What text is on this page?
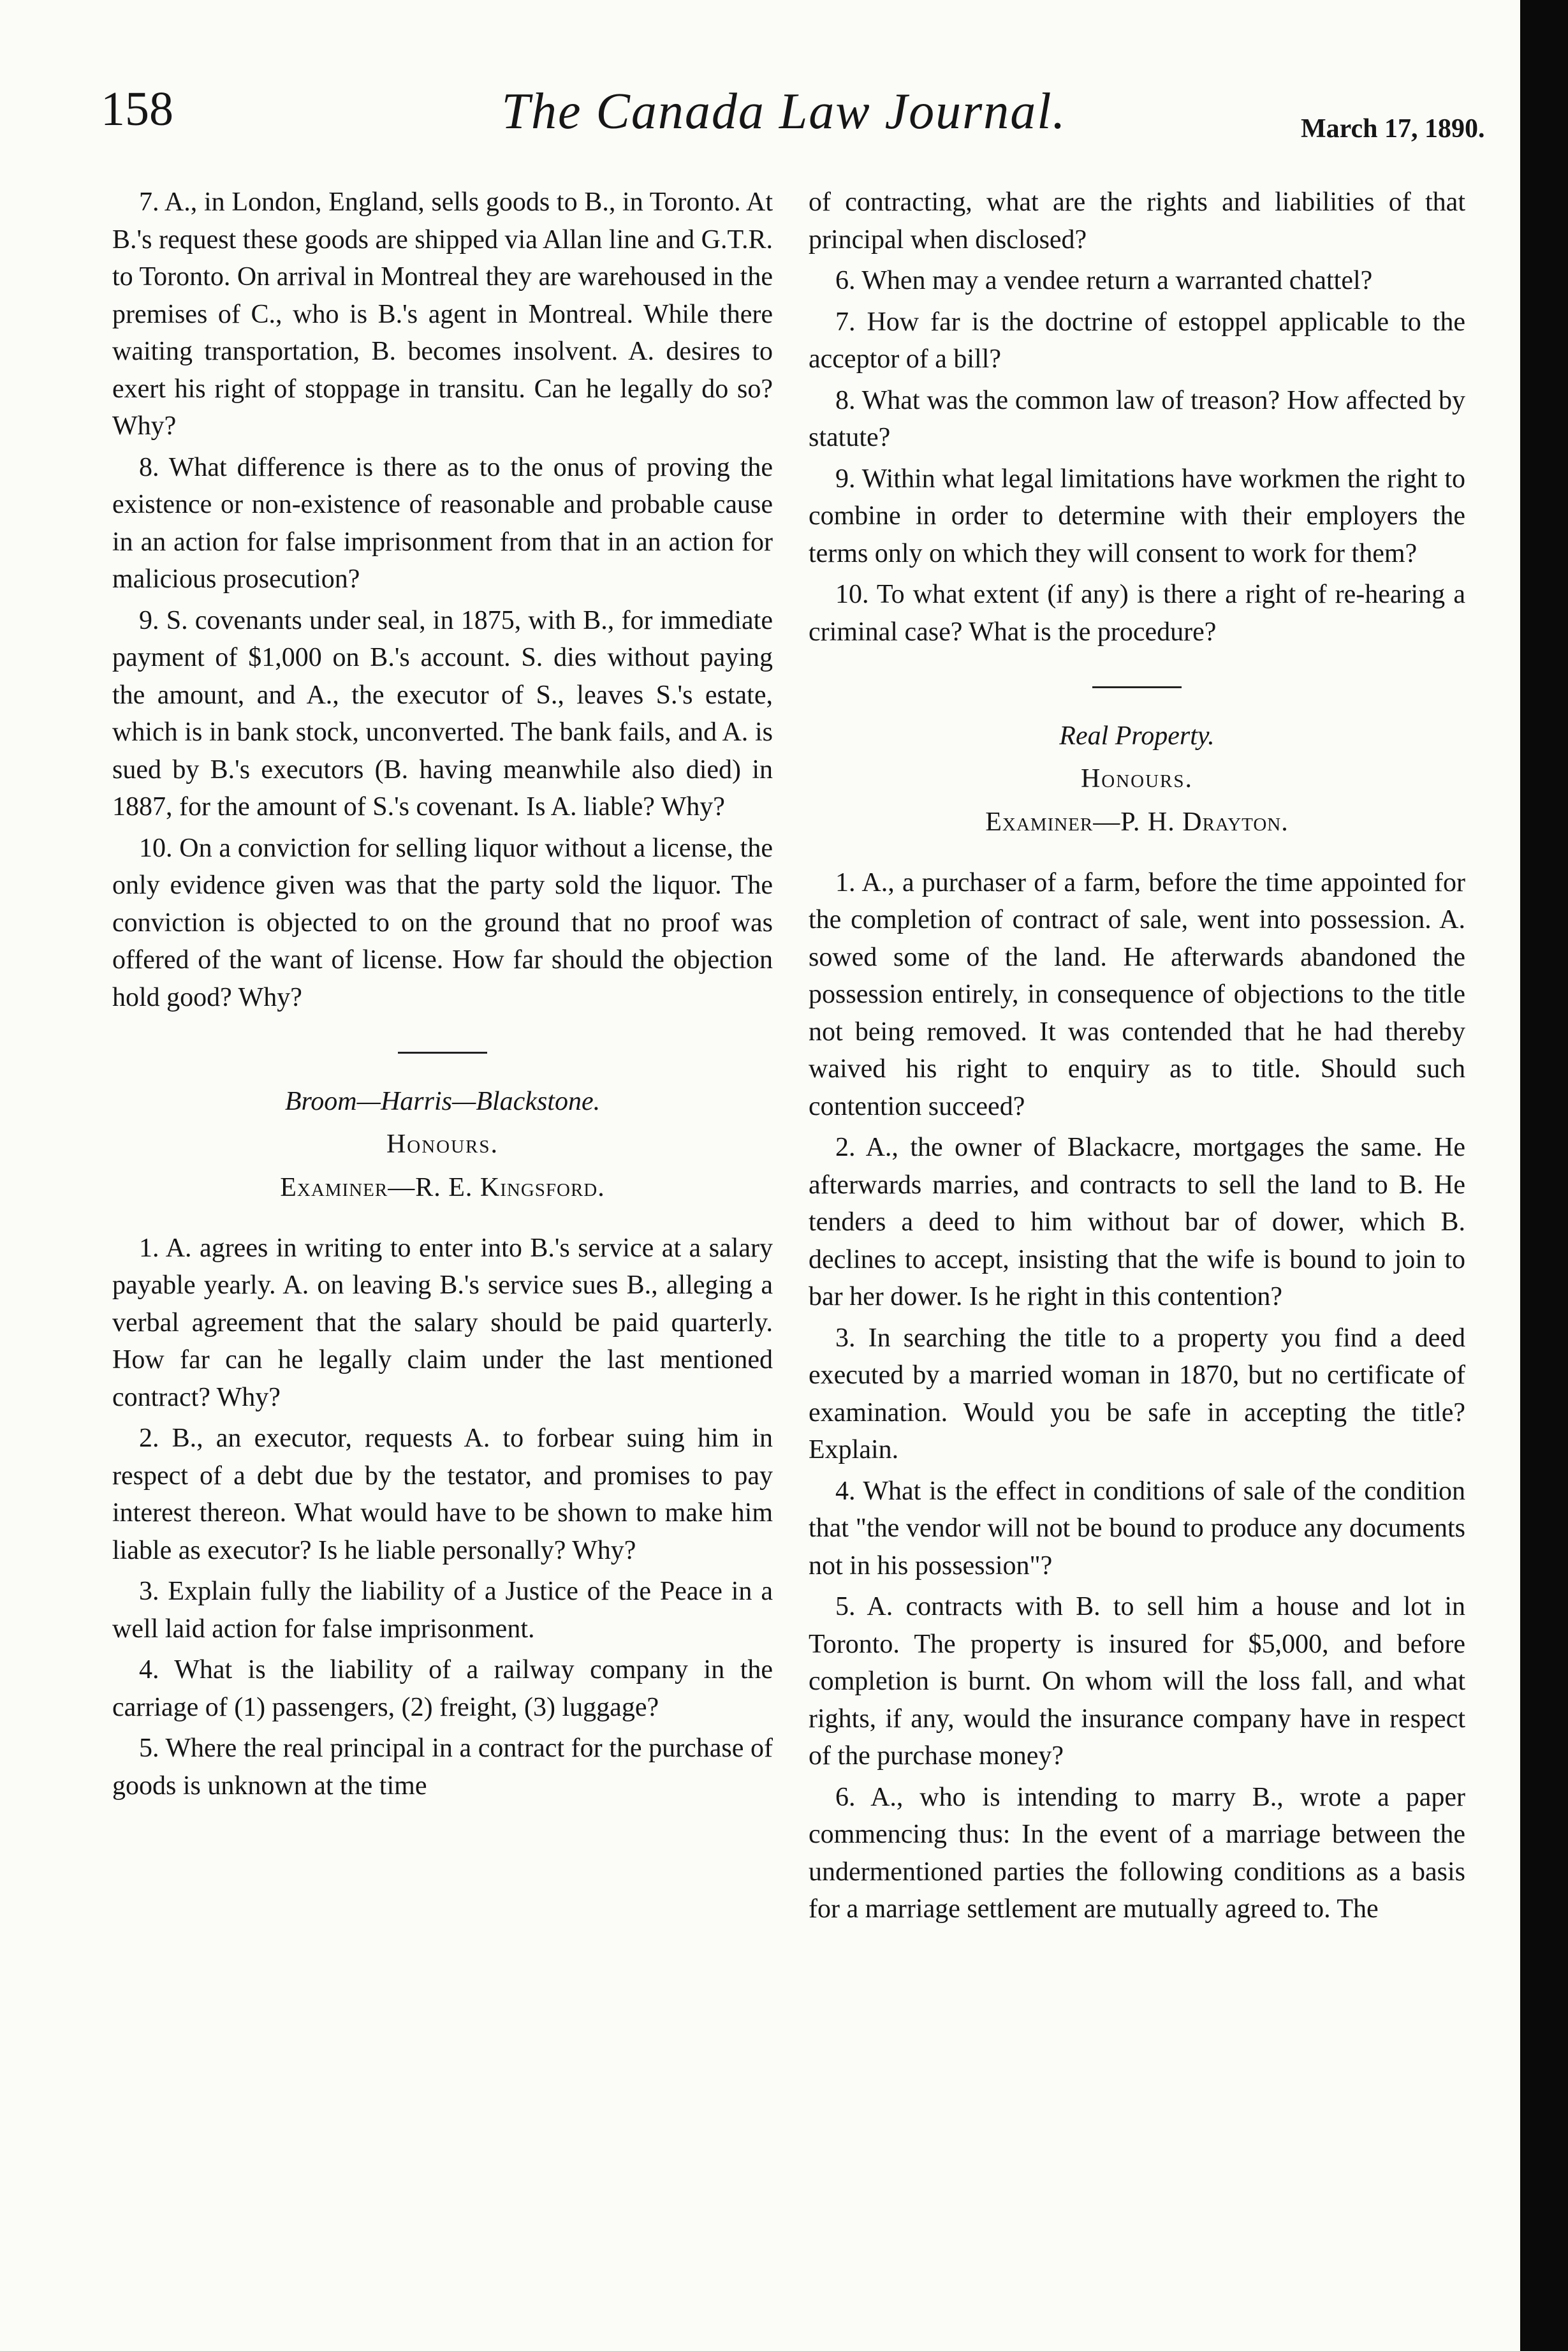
158	The Canada Law Journal.	March 17, 1890.

7. A., in London, England, sells goods to B., in Toronto. At B.'s request these goods are shipped via Allan line and G.T.R. to Toronto. On arrival in Montreal they are warehoused in the premises of C., who is B.'s agent in Montreal. While there waiting transportation, B. becomes insolvent. A. desires to exert his right of stoppage in transitu. Can he legally do so? Why?

8. What difference is there as to the onus of proving the existence or non-existence of reasonable and probable cause in an action for false imprisonment from that in an action for malicious prosecution?

9. S. covenants under seal, in 1875, with B., for immediate payment of $1,000 on B.'s account. S. dies without paying the amount, and A., the executor of S., leaves S.'s estate, which is in bank stock, unconverted. The bank fails, and A. is sued by B.'s executors (B. having meanwhile also died) in 1887, for the amount of S.'s covenant. Is A. liable? Why?

10. On a conviction for selling liquor without a license, the only evidence given was that the party sold the liquor. The conviction is objected to on the ground that no proof was offered of the want of license. How far should the objection hold good? Why?

Broom—Harris—Blackstone.

Honours.

Examiner—R. E. Kingsford.

1. A. agrees in writing to enter into B.'s service at a salary payable yearly. A. on leaving B.'s service sues B., alleging a verbal agreement that the salary should be paid quarterly. How far can he legally claim under the last mentioned contract? Why?

2. B., an executor, requests A. to forbear suing him in respect of a debt due by the testator, and promises to pay interest thereon. What would have to be shown to make him liable as executor? Is he liable personally? Why?

3. Explain fully the liability of a Justice of the Peace in a well laid action for false imprisonment.

4. What is the liability of a railway company in the carriage of (1) passengers, (2) freight, (3) luggage?

5. Where the real principal in a contract for the purchase of goods is unknown at the time

of contracting, what are the rights and liabilities of that principal when disclosed?

6. When may a vendee return a warranted chattel?

7. How far is the doctrine of estoppel applicable to the acceptor of a bill?

8. What was the common law of treason? How affected by statute?

9. Within what legal limitations have workmen the right to combine in order to determine with their employers the terms only on which they will consent to work for them?

10. To what extent (if any) is there a right of re-hearing a criminal case? What is the procedure?

Real Property.

Honours.

Examiner—P. H. Drayton.

1. A., a purchaser of a farm, before the time appointed for the completion of contract of sale, went into possession. A. sowed some of the land. He afterwards abandoned the possession entirely, in consequence of objections to the title not being removed. It was contended that he had thereby waived his right to enquiry as to title. Should such contention succeed?

2. A., the owner of Blackacre, mortgages the same. He afterwards marries, and contracts to sell the land to B. He tenders a deed to him without bar of dower, which B. declines to accept, insisting that the wife is bound to join to bar her dower. Is he right in this contention?

3. In searching the title to a property you find a deed executed by a married woman in 1870, but no certificate of examination. Would you be safe in accepting the title? Explain.

4. What is the effect in conditions of sale of the condition that "the vendor will not be bound to produce any documents not in his possession"?

5. A. contracts with B. to sell him a house and lot in Toronto. The property is insured for $5,000, and before completion is burnt. On whom will the loss fall, and what rights, if any, would the insurance company have in respect of the purchase money?

6. A., who is intending to marry B., wrote a paper commencing thus: In the event of a marriage between the undermentioned parties the following conditions as a basis for a marriage settlement are mutually agreed to. The
